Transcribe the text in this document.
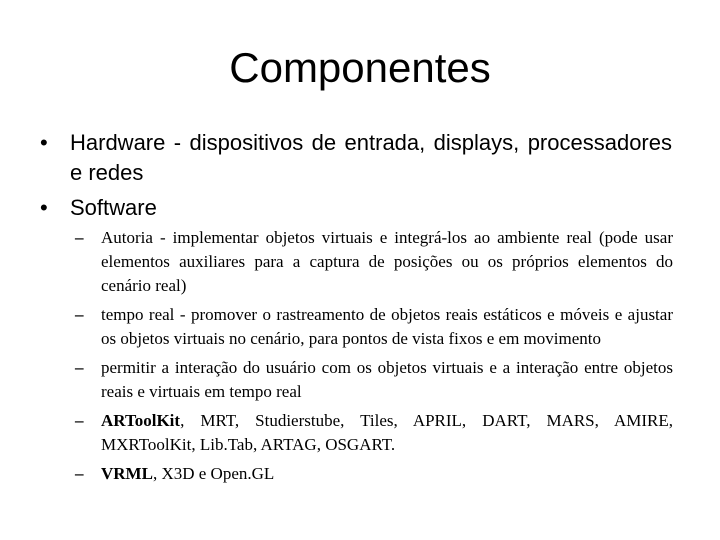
Componentes
• Hardware - dispositivos de entrada, displays, processadores e redes
• Software
– Autoria - implementar objetos virtuais e integrá-los ao ambiente real (pode usar elementos auxiliares para a captura de posições ou os próprios elementos do cenário real)
– tempo real - promover o rastreamento de objetos reais estáticos e móveis e ajustar os objetos virtuais no cenário, para pontos de vista fixos e em movimento
– permitir a interação do usuário com os objetos virtuais e a interação entre objetos reais e virtuais em tempo real
– ARToolKit, MRT, Studierstube, Tiles, APRIL, DART, MARS, AMIRE, MXRToolKit, Lib.Tab, ARTAG, OSGART.
– VRML, X3D e Open.GL
